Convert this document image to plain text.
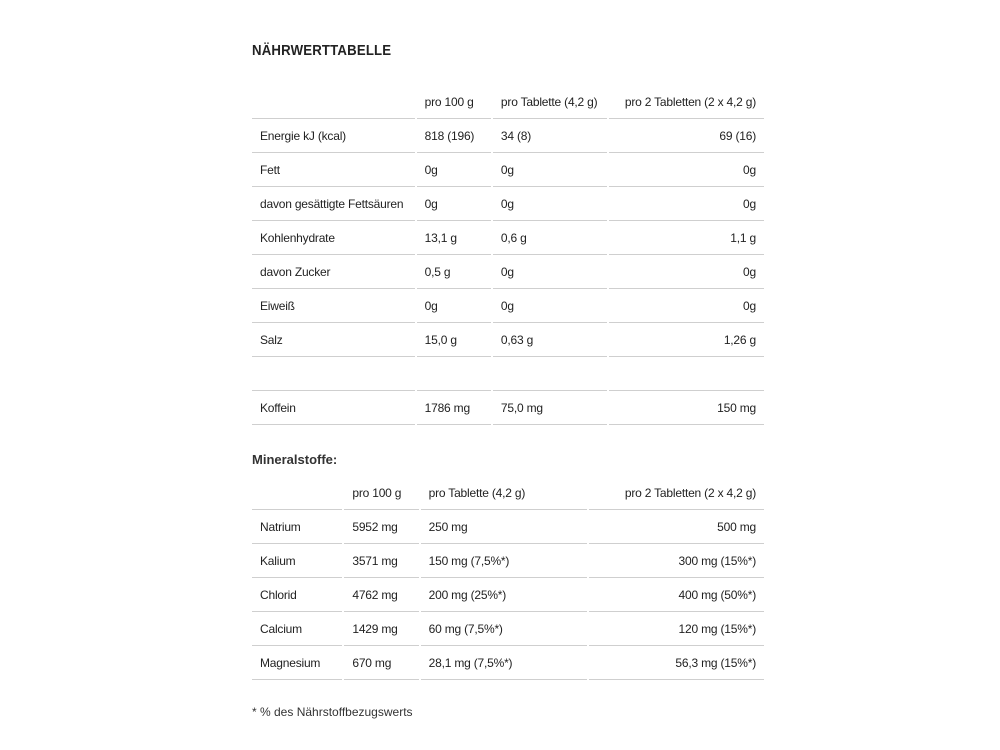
NÄHRWERTTABELLE
	pro 100 g	pro Tablette (4,2 g)	pro 2 Tabletten (2 x 4,2 g)
Energie kJ (kcal)	818 (196)	34 (8)	69 (16)
Fett	0g	0g	0g
davon gesättigte Fettsäuren	0g	0g	0g
Kohlenhydrate	13,1 g	0,6 g	1,1 g
davon Zucker	0,5 g	0g	0g
Eiweiß	0g	0g	0g
Salz	15,0 g	0,63 g	1,26 g

Koffein	1786 mg	75,0 mg	150 mg
Mineralstoffe:
	pro 100 g	pro Tablette (4,2 g)	pro 2 Tabletten (2 x 4,2 g)
Natrium	5952 mg	250 mg	500 mg
Kalium	3571 mg	150 mg (7,5%*)	300 mg (15%*)
Chlorid	4762 mg	200 mg (25%*)	400 mg (50%*)
Calcium	1429 mg	60 mg (7,5%*)	120 mg (15%*)
Magnesium	670 mg	28,1 mg (7,5%*)	56,3 mg (15%*)
* % des Nährstoffbezugswerts
